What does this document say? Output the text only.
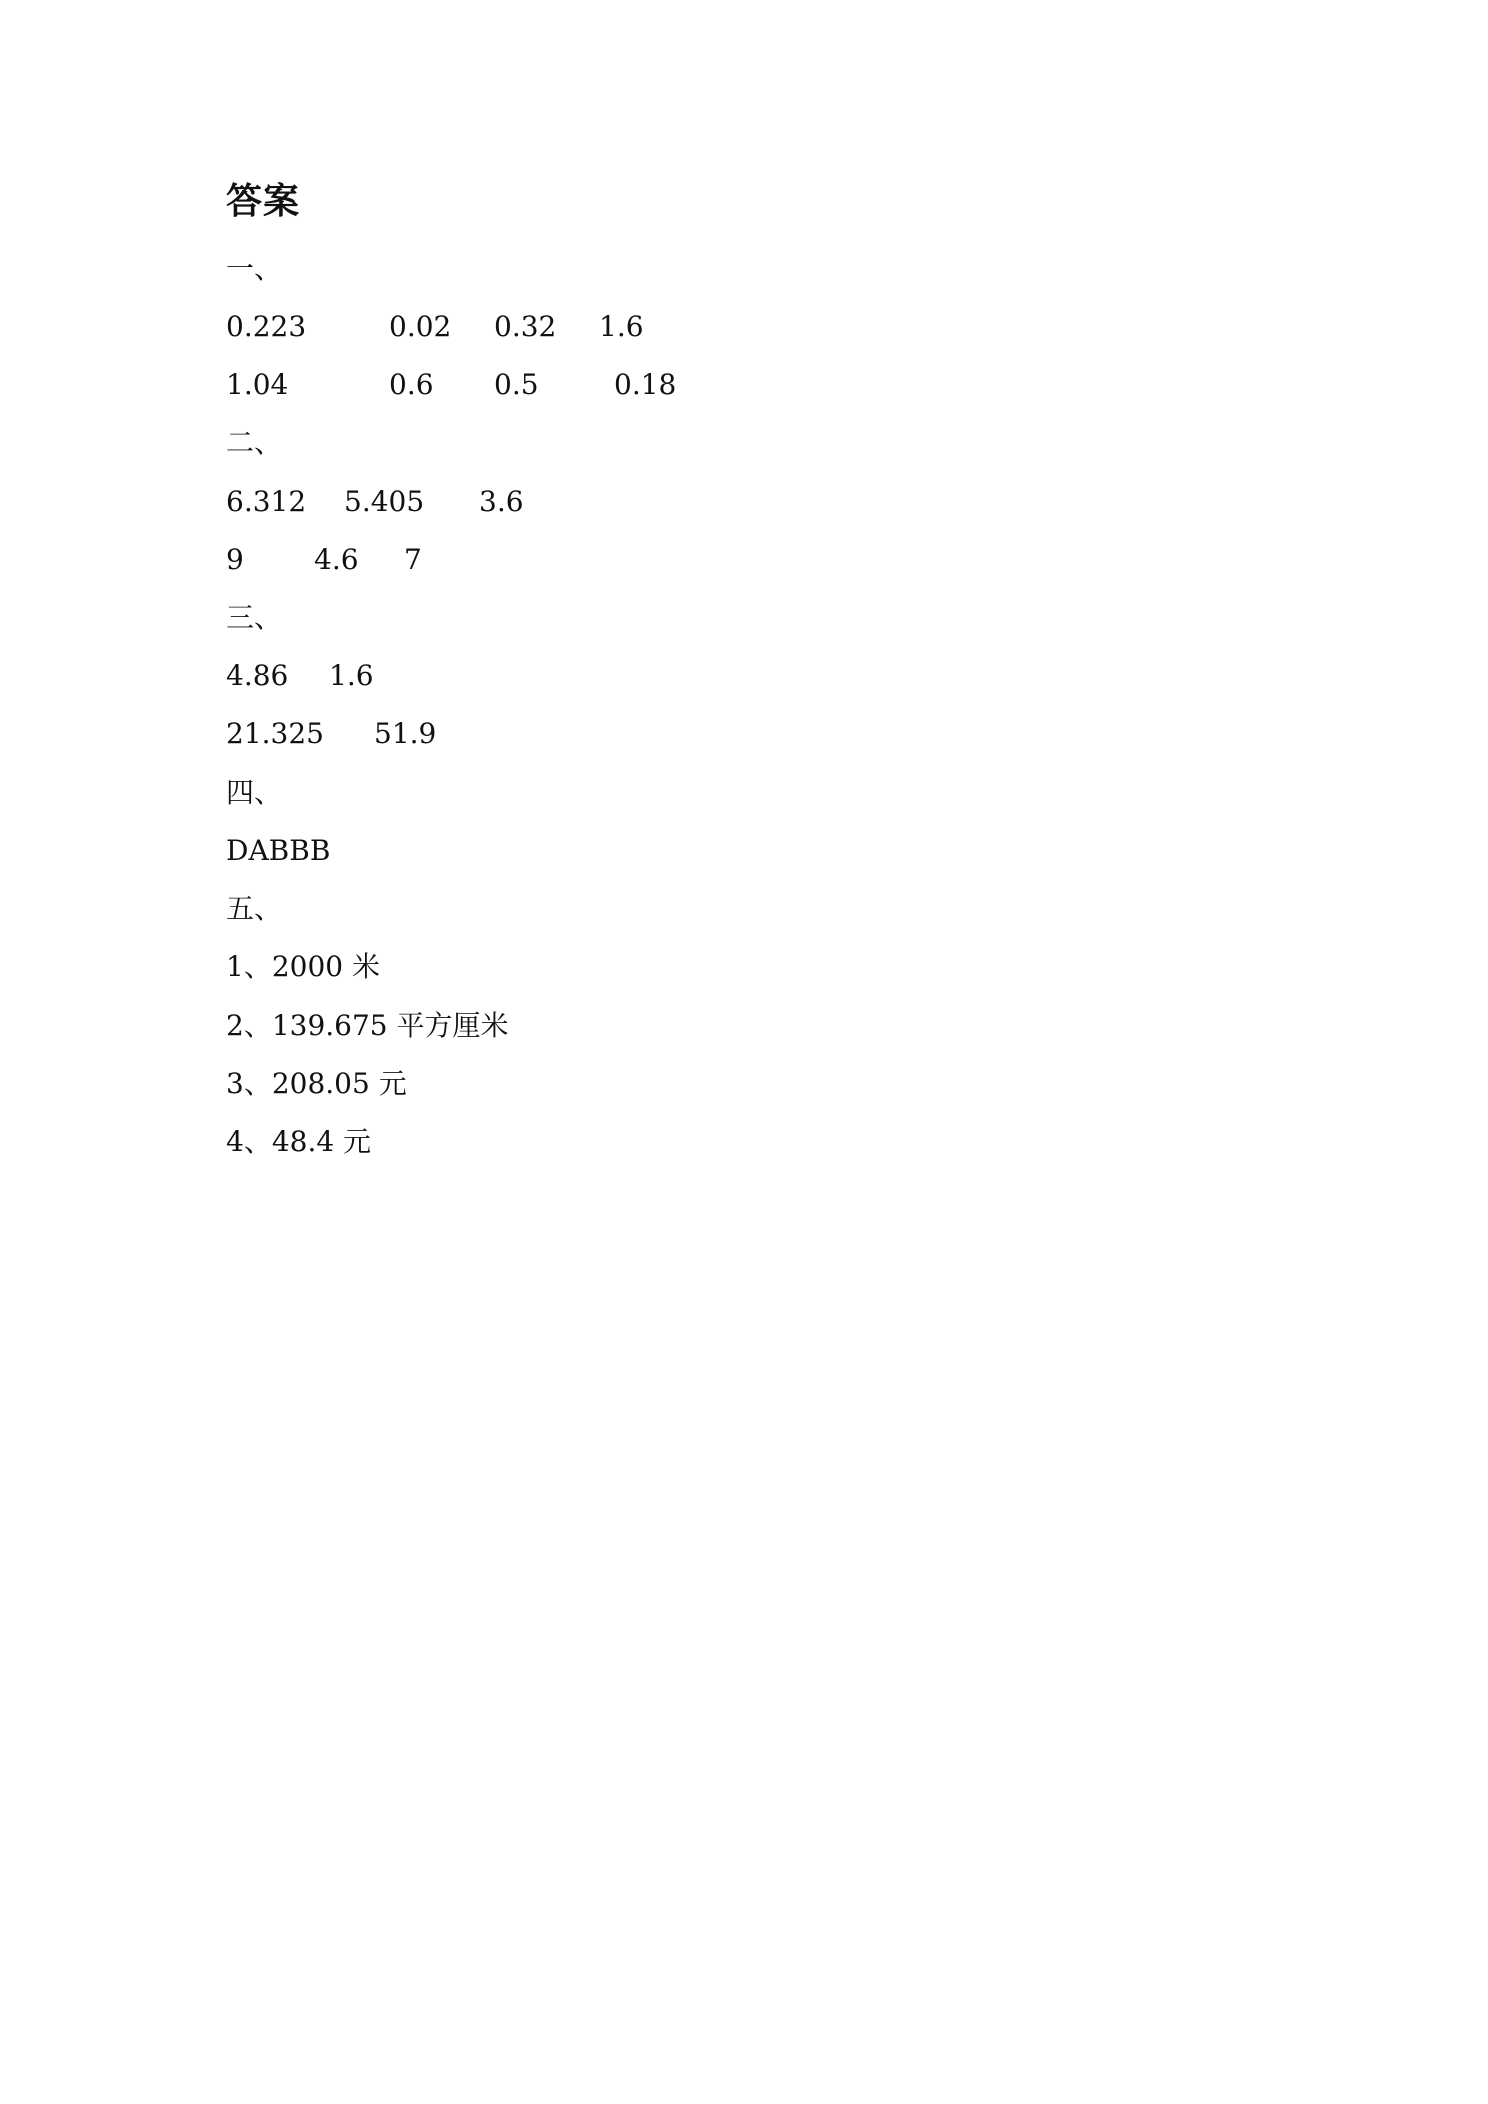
答案
一、
0.223	0.02 0.32 1.6
1.04	0.6 0.5	0.18
二、
6.312 5.405 3.6
9	4.6 7
三、
4.86 1.6
21.325 51.9
四、
DABBB
五、
1、2000 米
2、139.675 平方厘米
3、208.05 元
4、48.4 元
